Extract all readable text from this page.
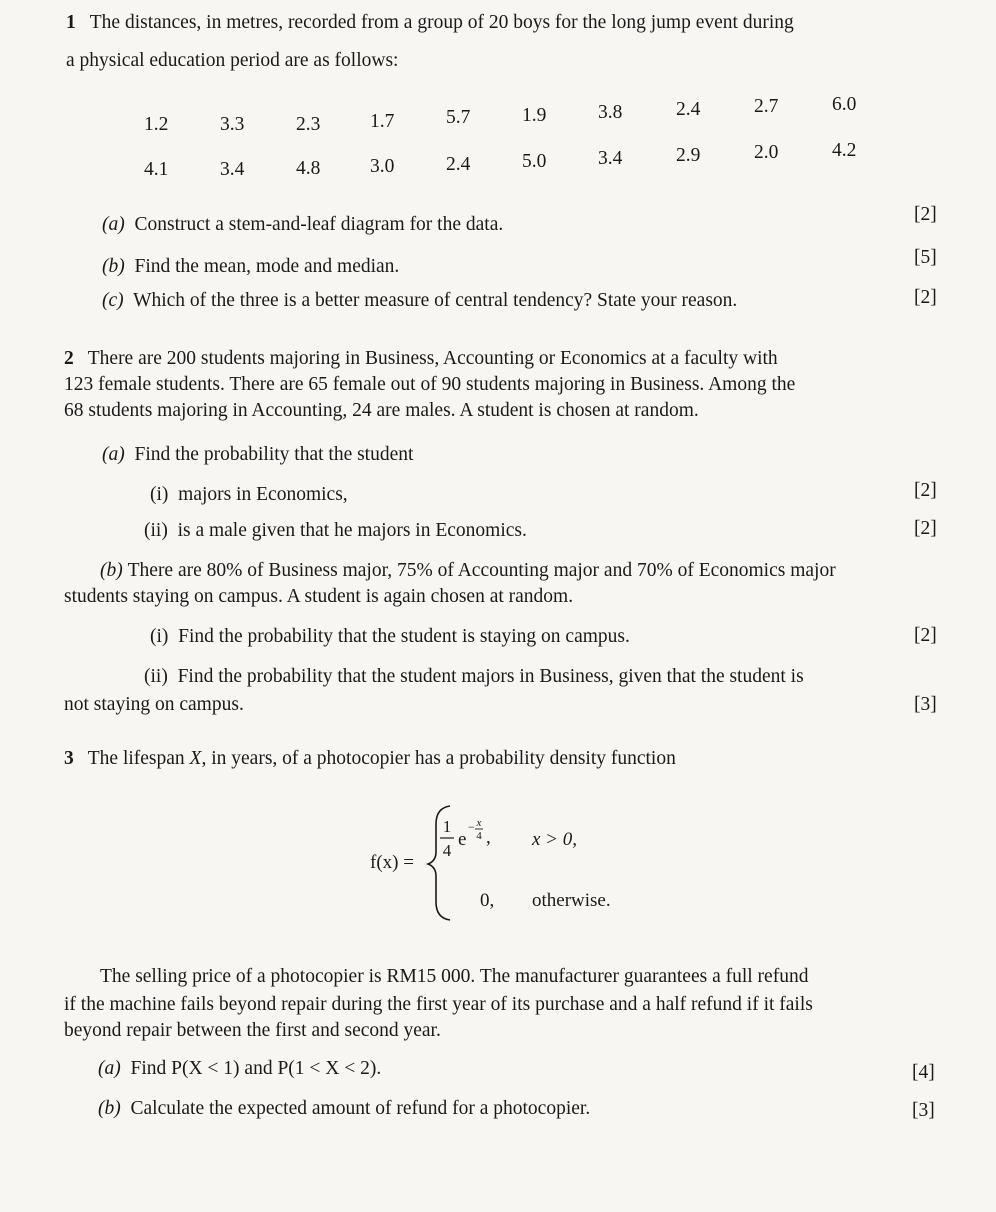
1 The distances, in metres, recorded from a group of 20 boys for the long jump event during
a physical education period are as follows:
1.2	3.3	2.3	1.7	5.7	1.9	3.8	2.4	2.7	6.0
4.1	3.4	4.8	3.0	2.4	5.0	3.4	2.9	2.0	4.2
(a) Construct a stem-and-leaf diagram for the data.	[2]
(b) Find the mean, mode and median.	[5]
(c) Which of the three is a better measure of central tendency? State your reason.	[2]
2 There are 200 students majoring in Business, Accounting or Economics at a faculty with
123 female students. There are 65 female out of 90 students majoring in Business. Among the
68 students majoring in Accounting, 24 are males. A student is chosen at random.
(a) Find the probability that the student
(i) majors in Economics,	[2]
(ii) is a male given that he majors in Economics.	[2]
(b) There are 80% of Business major, 75% of Accounting major and 70% of Economics major
students staying on campus. A student is again chosen at random.
(i) Find the probability that the student is staying on campus.	[2]
(ii) Find the probability that the student majors in Business, given that the student is
not staying on campus.	[3]
3 The lifespan X, in years, of a photocopier has a probability density function
f(x) =
1
4
e
− x
4 , x > 0,
0, otherwise.
The selling price of a photocopier is RM15 000. The manufacturer guarantees a full refund
if the machine fails beyond repair during the first year of its purchase and a half refund if it fails
beyond repair between the first and second year.
(a) Find P(X < 1) and P(1 < X < 2).	[4]
(b) Calculate the expected amount of refund for a photocopier.	[3]
